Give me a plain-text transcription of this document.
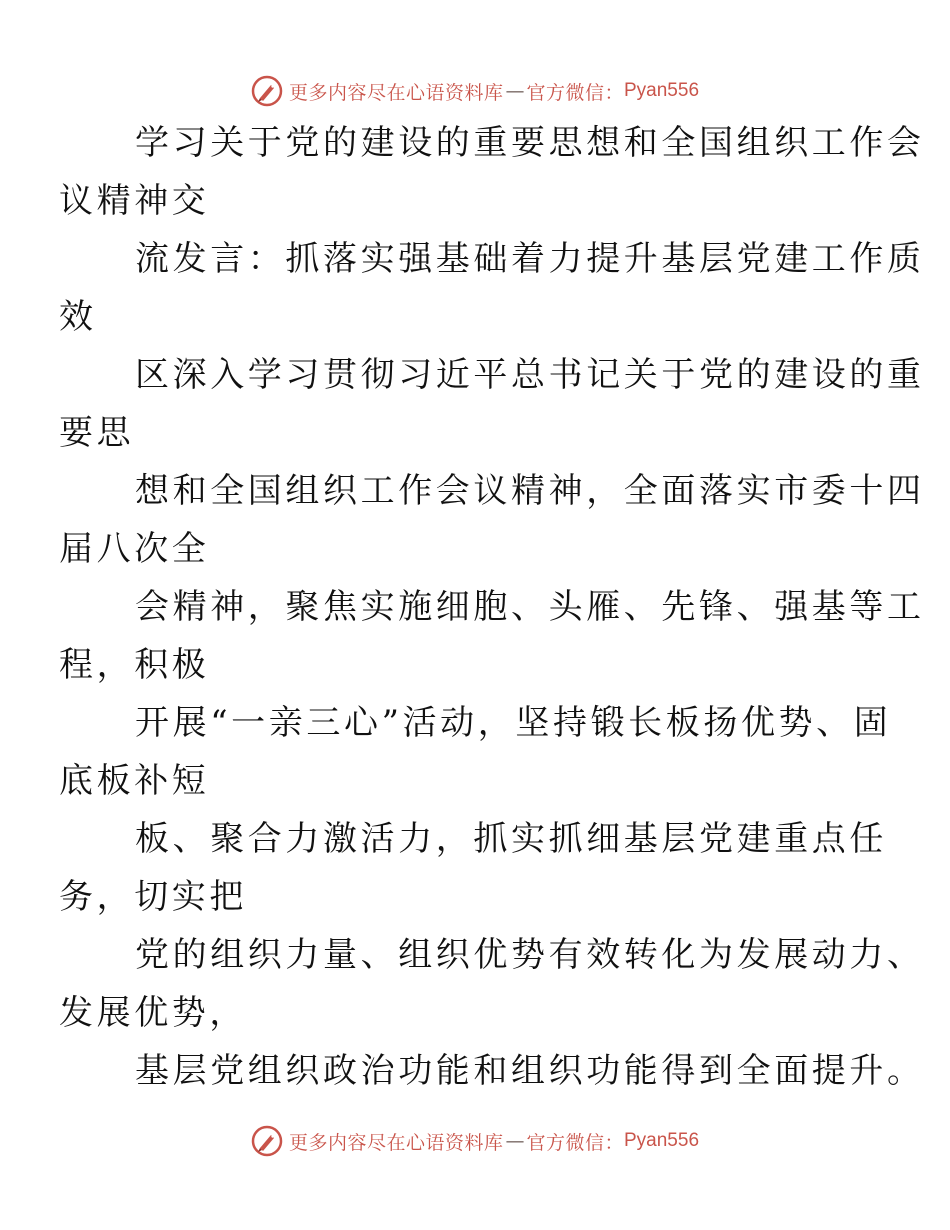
更多内容尽在心语资料库 — 官方微信： Pyan556

学习关于党的建设的重要思想和全国组织工作会
议精神交

流发言：抓落实强基础着力提升基层党建工作质
效

区深入学习贯彻习近平总书记关于党的建设的重
要思

想和全国组织工作会议精神，全面落实市委十四
届八次全

会精神，聚焦实施细胞、头雁、先锋、强基等工
程，积极

开展“一亲三心”活动，坚持锻长板扬优势、固
底板补短

板、聚合力激活力，抓实抓细基层党建重点任
务，切实把

党的组织力量、组织优势有效转化为发展动力、
发展优势，

基层党组织政治功能和组织功能得到全面提升。

更多内容尽在心语资料库 — 官方微信： Pyan556
